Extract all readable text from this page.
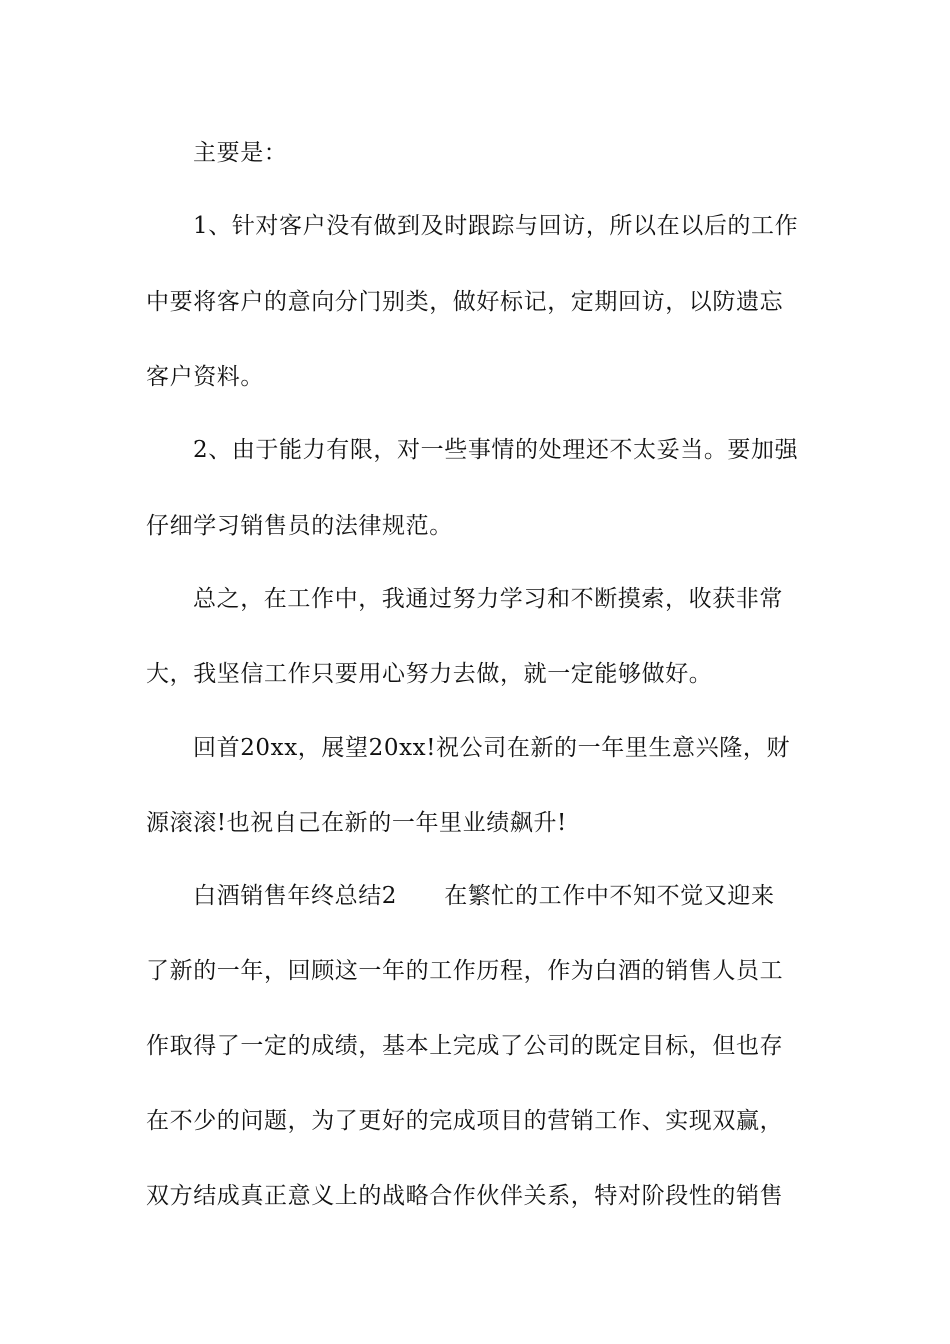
主要是：
1、针对客户没有做到及时跟踪与回访，所以在以后的工作
中要将客户的意向分门别类，做好标记，定期回访，以防遗忘
客户资料。
2、由于能力有限，对一些事情的处理还不太妥当。要加强
仔细学习销售员的法律规范。
总之，在工作中，我通过努力学习和不断摸索，收获非常
大，我坚信工作只要用心努力去做，就一定能够做好。
回首20xx，展望20xx!祝公司在新的一年里生意兴隆，财
源滚滚!也祝自己在新的一年里业绩飙升!
白酒销售年终总结2　　在繁忙的工作中不知不觉又迎来
了新的一年，回顾这一年的工作历程，作为白酒的销售人员工
作取得了一定的成绩，基本上完成了公司的既定目标，但也存
在不少的问题，为了更好的完成项目的营销工作、实现双赢，
双方结成真正意义上的战略合作伙伴关系，特对阶段性的销售
